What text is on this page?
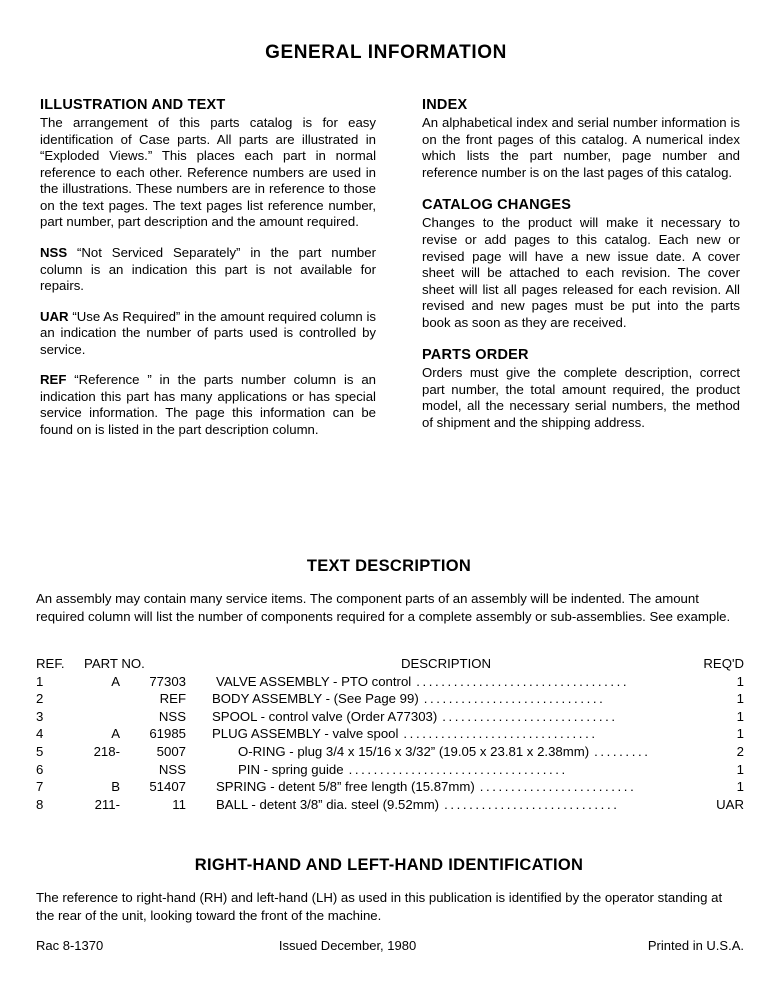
GENERAL INFORMATION
ILLUSTRATION AND TEXT

The arrangement of this parts catalog is for easy identification of Case parts. All parts are illustrated in “Exploded Views.” This places each part in normal reference to each other. Reference numbers are used in the illustrations. These numbers are in reference to those on the text pages. The text pages list reference number, part number, part description and the amount required.

NSS “Not Serviced Separately” in the part number column is an indication this part is not available for repairs.

UAR “Use As Required” in the amount required column is an indication the number of parts used is controlled by service.

REF “Reference ” in the parts number column is an indication this part has many applications or has special service information. The page this information can be found on is listed in the part description column.

INDEX

An alphabetical index and serial number information is on the front pages of this catalog. A numerical index which lists the part number, page number and reference number is on the last pages of this catalog.

CATALOG CHANGES

Changes to the product will make it necessary to revise or add pages to this catalog. Each new or revised page will have a new issue date. A cover sheet will be attached to each revision. The cover sheet will list all pages released for each revision. All revised and new pages must be put into the parts book as soon as they are received.

PARTS ORDER

Orders must give the complete description, correct part number, the total amount required, the product model, all the necessary serial numbers, the method of shipment and the shipping address.

TEXT DESCRIPTION

An assembly may contain many service items. The component parts of an assembly will be indented. The amount required column will list the number of components required for a complete assembly or sub-assemblies. See example.

REF.	PART NO.	DESCRIPTION	REQ'D
1	A	77303	VALVE ASSEMBLY - PTO control ..................................	1
2	REF	BODY ASSEMBLY - (See Page 99) .............................	1
3	NSS	SPOOL - control valve (Order A77303) ............................	1
4	A	61985	PLUG ASSEMBLY - valve spool ...............................	1
5	218-	5007	O-RING - plug 3/4 x 15/16 x 3/32” (19.05 x 23.81 x 2.38mm) .........	2
6	NSS	PIN - spring guide ...................................	1
7	B	51407	SPRING - detent 5/8” free length (15.87mm) .........................	1
8	211-	11	BALL - detent 3/8” dia. steel (9.52mm) ............................	UAR
RIGHT-HAND AND LEFT-HAND IDENTIFICATION

The reference to right-hand (RH) and left-hand (LH) as used in this publication is identified by the operator standing at the rear of the unit, looking toward the front of the machine.

Rac 8-1370	Issued December, 1980	Printed in U.S.A.
